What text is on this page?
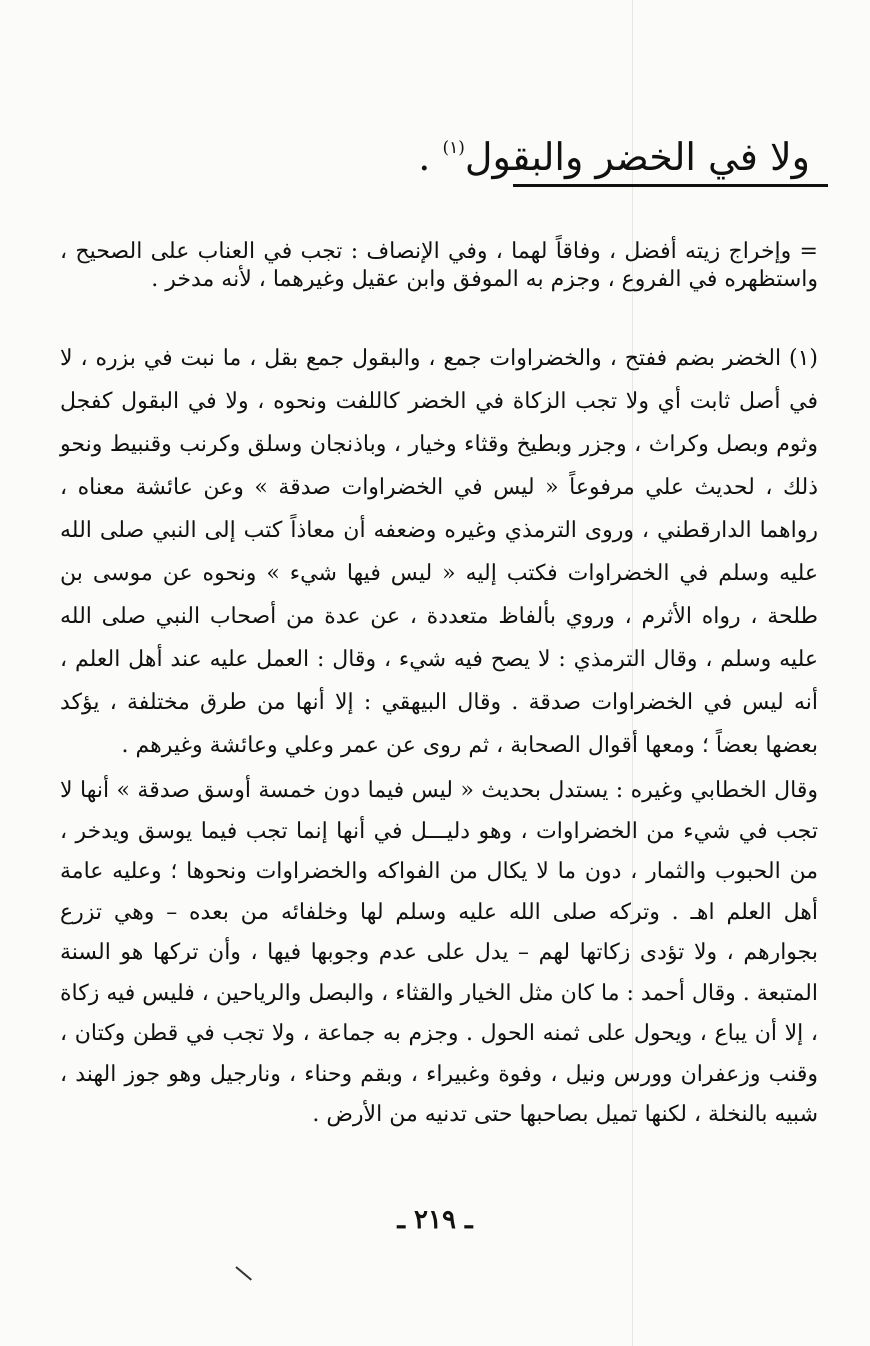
ولا في الخضر والبقول$^{(١)}$ .

= وإخراج زيته أفضل ، وفاقاً لهما ، وفي الإنصاف : تجب في العناب على الصحيح ، واستظهره في الفروع ، وجزم به الموفق وابن عقيل وغيرهما ، لأنه مدخر .

(١) الخضر بضم ففتح ، والخضراوات جمع ، والبقول جمع بقل ، ما نبت في بزره ، لا في أصل ثابت أي ولا تجب الزكاة في الخضر كاللفت ونحوه ، ولا في البقول كفجل وثوم وبصل وكراث ، وجزر وبطيخ وقثاء وخيار ، وباذنجان وسلق وكرنب وقنبيط ونحو ذلك ، لحديث علي مرفوعاً « ليس في الخضراوات صدقة » وعن عائشة معناه ، رواهما الدارقطني ، وروى الترمذي وغيره وضعفه أن معاذاً كتب إلى النبي صلى الله عليه وسلم في الخضراوات فكتب إليه « ليس فيها شيء » ونحوه عن موسى بن طلحة ، رواه الأثرم ، وروي بألفاظ متعددة ، عن عدة من أصحاب النبي صلى الله عليه وسلم ، وقال الترمذي : لا يصح فيه شيء ، وقال : العمل عليه عند أهل العلم ، أنه ليس في الخضراوات صدقة . وقال البيهقي : إلا أنها من طرق مختلفة ، يؤكد بعضها بعضاً ؛ ومعها أقوال الصحابة ، ثم روى عن عمر وعلي وعائشة وغيرهم .

وقال الخطابي وغيره : يستدل بحديث « ليس فيما دون خمسة أوسق صدقة » أنها لا تجب في شيء من الخضراوات ، وهو دليـــل في أنها إنما تجب فيما يوسق ويدخر ، من الحبوب والثمار ، دون ما لا يكال من الفواكه والخضراوات ونحوها ؛ وعليه عامة أهل العلم اهـ . وتركه صلى الله عليه وسلم لها وخلفائه من بعده – وهي تزرع بجوارهم ، ولا تؤدى زكاتها لهم – يدل على عدم وجوبها فيها ، وأن تركها هو السنة المتبعة . وقال أحمد : ما كان مثل الخيار والقثاء ، والبصل والرياحين ، فليس فيه زكاة ، إلا أن يباع ، ويحول على ثمنه الحول . وجزم به جماعة ، ولا تجب في قطن وكتان ، وقنب وزعفران وورس ونيل ، وفوة وغبيراء ، وبقم وحناء ، ونارجيل وهو جوز الهند ، شبيه بالنخلة ، لكنها تميل بصاحبها حتى تدنيه من الأرض .

ـ ٢١٩ ـ
